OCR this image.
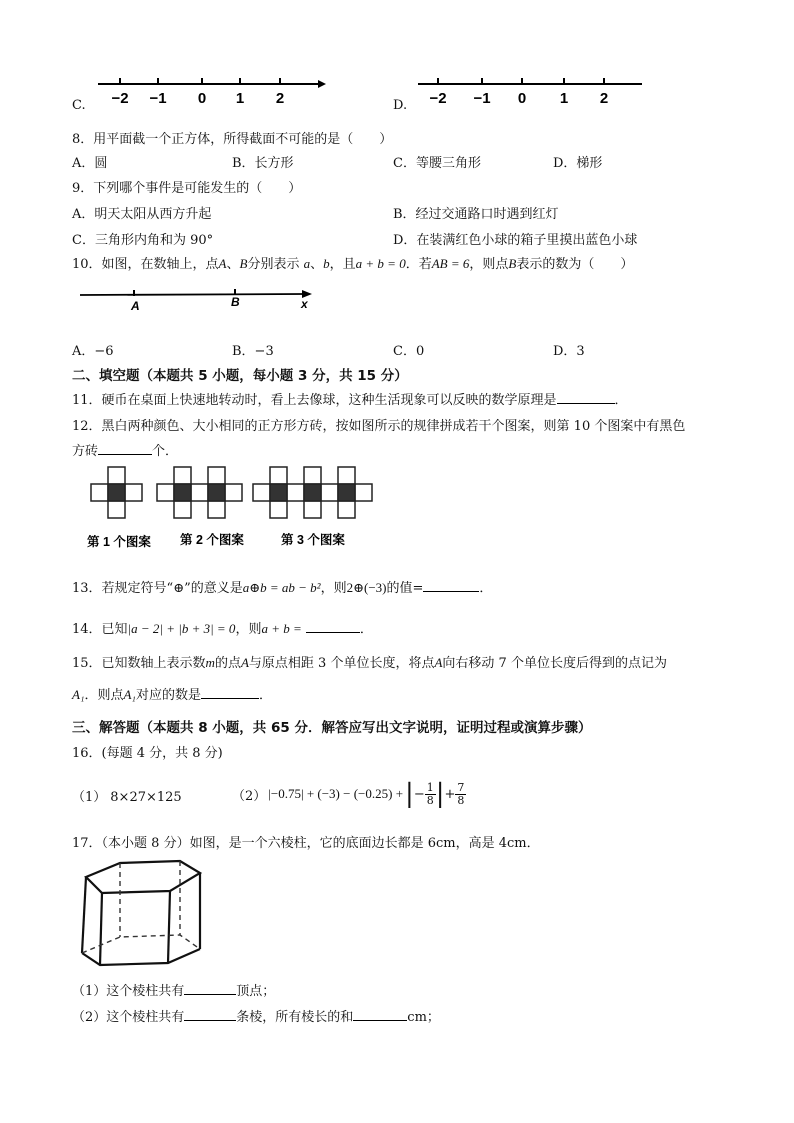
C. −2 −1 0 1 2	D. −2 −1 0 1 2
8．用平面截一个正方体，所得截面不可能的是（　　）
A．圆	B．长方形	C．等腰三角形	D．梯形
9．下列哪个事件是可能发生的（　　）
A．明天太阳从西方升起	B．经过交通路口时遇到红灯
C．三角形内角和为 90°	D．在装满红色小球的箱子里摸出蓝色小球
10．如图，在数轴上，点A、B分别表示 a、b，且a + b = 0．若AB = 6，则点B表示的数为（　　）
A	B	x
A．−6	B．−3	C．0	D．3
二、填空题（本题共 5 小题，每小题 3 分，共 15 分）
11．硬币在桌面上快速地转动时，看上去像球，这种生活现象可以反映的数学原理是	．
12．黑白两种颜色、大小相同的正方形方砖，按如图所示的规律拼成若干个图案，则第 10 个图案中有黑色
方砖	个．
第 1 个图案 第 2 个图案	第 3 个图案
13．若规定符号“⊕”的意义是a⊕b = ab − b²，则2⊕(−3)的值=	．
14．已知|a − 2| + |b + 3| = 0，则a + b =	．
15．已知数轴上表示数m的点A与原点相距 3 个单位长度，将点A向右移动 7 个单位长度后得到的点记为
A₁．则点A₁对应的数是	．
三、解答题（本题共 8 小题，共 65 分．解答应写出文字说明，证明过程或演算步骤）
16．(每题 4 分，共 8 分)
（1） 8×27×125	（2） |−0.75| + (−3) − (−0.25) + | − $\frac{1}{8}$ | + $\frac{7}{8}$
17．（本小题 8 分）如图，是一个六棱柱，它的底面边长都是 6cm，高是 4cm．
（1）这个棱柱共有	顶点；
（2）这个棱柱共有	条棱，所有棱长的和	cm；
